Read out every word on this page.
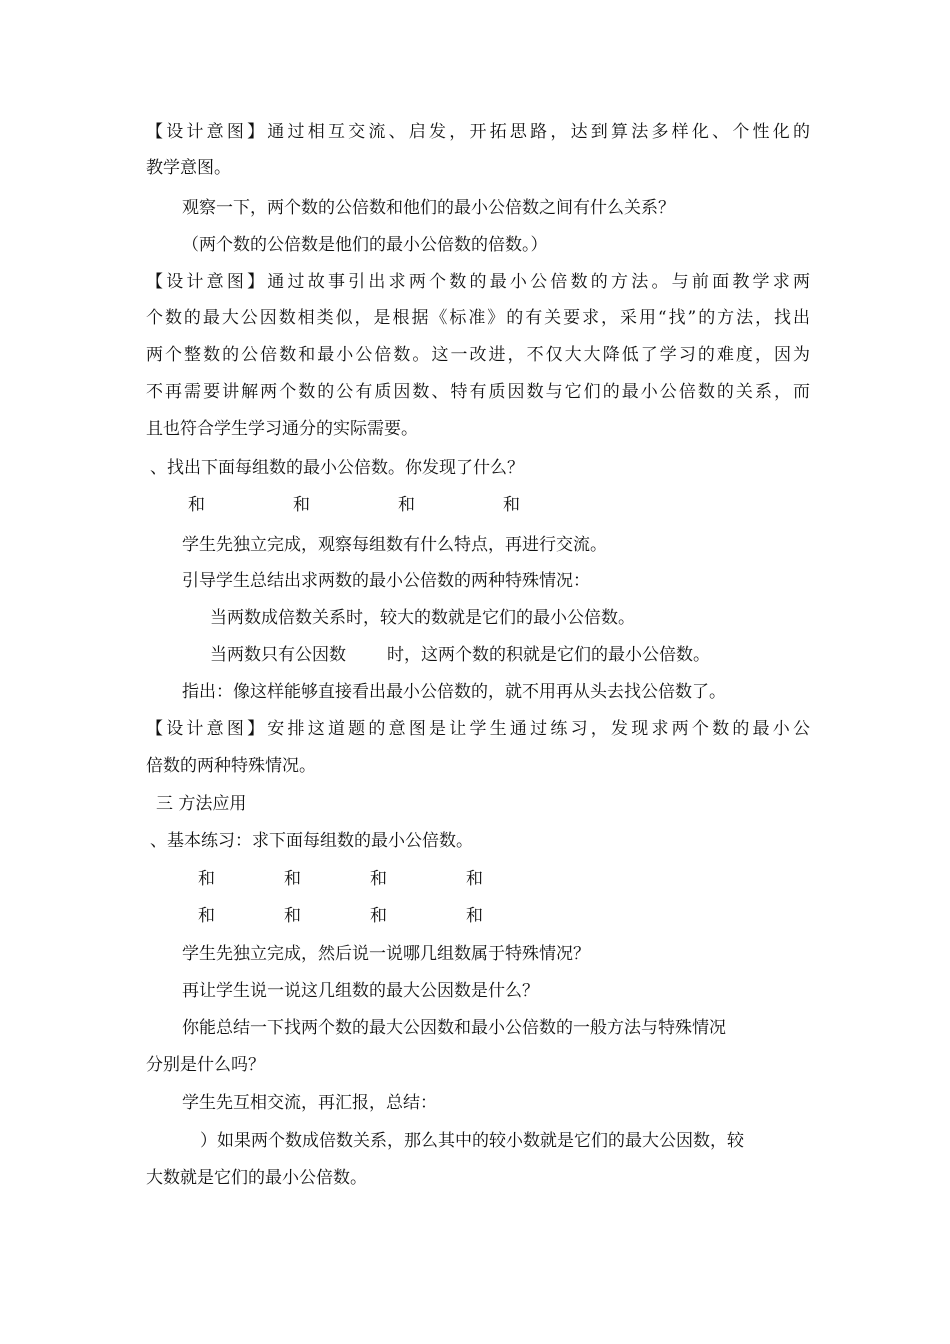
【设计意图】通过相互交流、启发，开拓思路，达到算法多样化、个性化的
教学意图。
观察一下，两个数的公倍数和他们的最小公倍数之间有什么关系？
（两个数的公倍数是他们的最小公倍数的倍数。）
【设计意图】通过故事引出求两个数的最小公倍数的方法。与前面教学求两
个数的最大公因数相类似，是根据《标准》的有关要求，采用“找”的方法，找出
两个整数的公倍数和最小公倍数。这一改进，不仅大大降低了学习的难度，因为
不再需要讲解两个数的公有质因数、特有质因数与它们的最小公倍数的关系，而
且也符合学生学习通分的实际需要。
、找出下面每组数的最小公倍数。你发现了什么？
和	和	和	和
学生先独立完成，观察每组数有什么特点，再进行交流。
引导学生总结出求两数的最小公倍数的两种特殊情况：
当两数成倍数关系时，较大的数就是它们的最小公倍数。
当两数只有公因数	时，这两个数的积就是它们的最小公倍数。
指出：像这样能够直接看出最小公倍数的，就不用再从头去找公倍数了。
【设计意图】安排这道题的意图是让学生通过练习，发现求两个数的最小公
倍数的两种特殊情况。
三 方法应用
、基本练习：求下面每组数的最小公倍数。
和	和	和	和
和	和	和	和
学生先独立完成，然后说一说哪几组数属于特殊情况？
再让学生说一说这几组数的最大公因数是什么？
你能总结一下找两个数的最大公因数和最小公倍数的一般方法与特殊情况
分别是什么吗？
学生先互相交流，再汇报，总结：
）如果两个数成倍数关系，那么其中的较小数就是它们的最大公因数，较
大数就是它们的最小公倍数。
